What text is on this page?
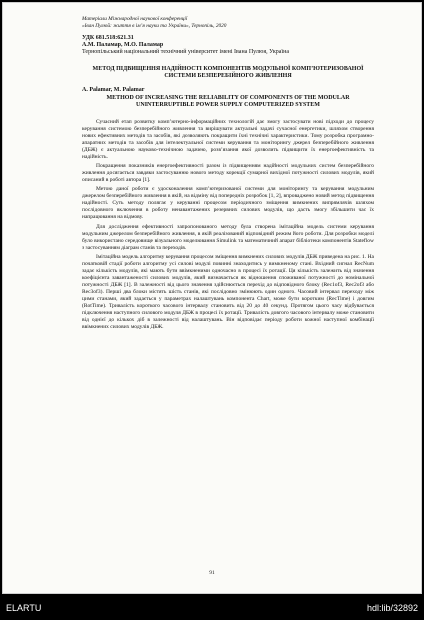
Матеріали Міжнародної наукової конференції
«Іван Пулюй: життя в ім’я науки та України», Тернопіль, 2020
УДК 681.518:621.31
А.М. Паламар, М.О. Паламар
Тернопільський національний технічний університет імені Івана Пулюя, Україна
МЕТОД ПІДВИЩЕННЯ НАДІЙНОСТІ КОМПОНЕНТІВ МОДУЛЬНОЇ КОМП’ЮТЕРИЗОВАНОЇ СИСТЕМИ БЕЗПЕРЕБІЙНОГО ЖИВЛЕННЯ
A. Palamar, M. Palamar
METHOD OF INCREASING THE RELIABILITY OF COMPONENTS OF THE MODULAR UNINTERRUPTIBLE POWER SUPPLY COMPUTERIZED SYSTEM

Сучасний етап розвитку комп’ютерно-інформаційних технологій дає змогу застосувати нові підходи до процесу керування системою безперебійного живлення та вирішувати актуальні задачі сучасної енергетики, шляхом створення нових ефективних методів та засобів, які дозволяють покращити їхні технічні характеристики. Тому розробка програмно-апаратних методів та засобів для інтелектуальної системи керування та моніторингу джерел безперебійного живлення (ДБЖ) є актуальною науково-технічною задачею, розв’язання якої дозволить підвищити їх енергоефективність та надійність.

Покращення показників енергоефективності разом із підвищенням надійності модульних систем безперебійного живлення досягається завдяки застосуванню нового методу корекції сумарної вихідної потужності силових модулів, який описаний в роботі автора [1].

Метою даної роботи є удосконалення комп’ютеризованої системи для моніторингу та керування модульним джерелом безперебійного живлення в якій, на відміну від попередніх розробок [1, 2], впроваджено новий метод підвищення надійності. Суть методу полягає у керуванні процесом періодичного зміщення вимкнених випрямлячів шляхом послідовного включення в роботу ненавантажених резервних силових модулів, що дасть змогу збільшити час їх напрацювання на відмову.

Для дослідження ефективності запропонованого методу була створена імітаційна модель системи керування модульним джерелом безперебійного живлення, в якій реалізований відповідний режим його роботи. Для розробки моделі було використано середовище візуального моделювання Simulink та математичний апарат бібліотеки компонентів Stateflow з застосуванням діаграм станів та переходів.

Імітаційна модель алгоритму керування процесом зміщення вимкнених силових модулів ДБЖ приведена на рис. 1. На початковій стадії роботи алгоритму усі силові модулі повинні знаходитись у вимкненому стані. Вхідний сигнал RecNum задає кількість модулів, які мають бути ввімкненими одночасно в процесі їх ротації. Ця кількість залежить від значення коефіцієнта завантаженості силових модулів, який визначається як відношення споживаної потужності до номінальної потужності ДБЖ [1]. В залежності від цього значення здійснюється перехід до відповідного блоку (Rec1of3, Rec2of3 або Rec3of3). Перші два блоки містять шість станів, які послідовно змінюють один одного. Часовий інтервал переходу між цими станами, який задається у параметрах налаштувань компонента Chart, може бути коротким (RecTime) і довгим (RotTime). Тривалість короткого часового інтервалу становить від 20 до 40 секунд. Протягом цього часу відбувається підключення наступного силового модуля ДБЖ в процесі їх ротації. Тривалість довгого часового інтервалу може становити від однієї до кількох діб в залежності від налаштувань. Він відповідає періоду роботи кожної наступної комбінації ввімкнених силових модулів ДБЖ.

91
ELARTU	hdl:lib/32892
